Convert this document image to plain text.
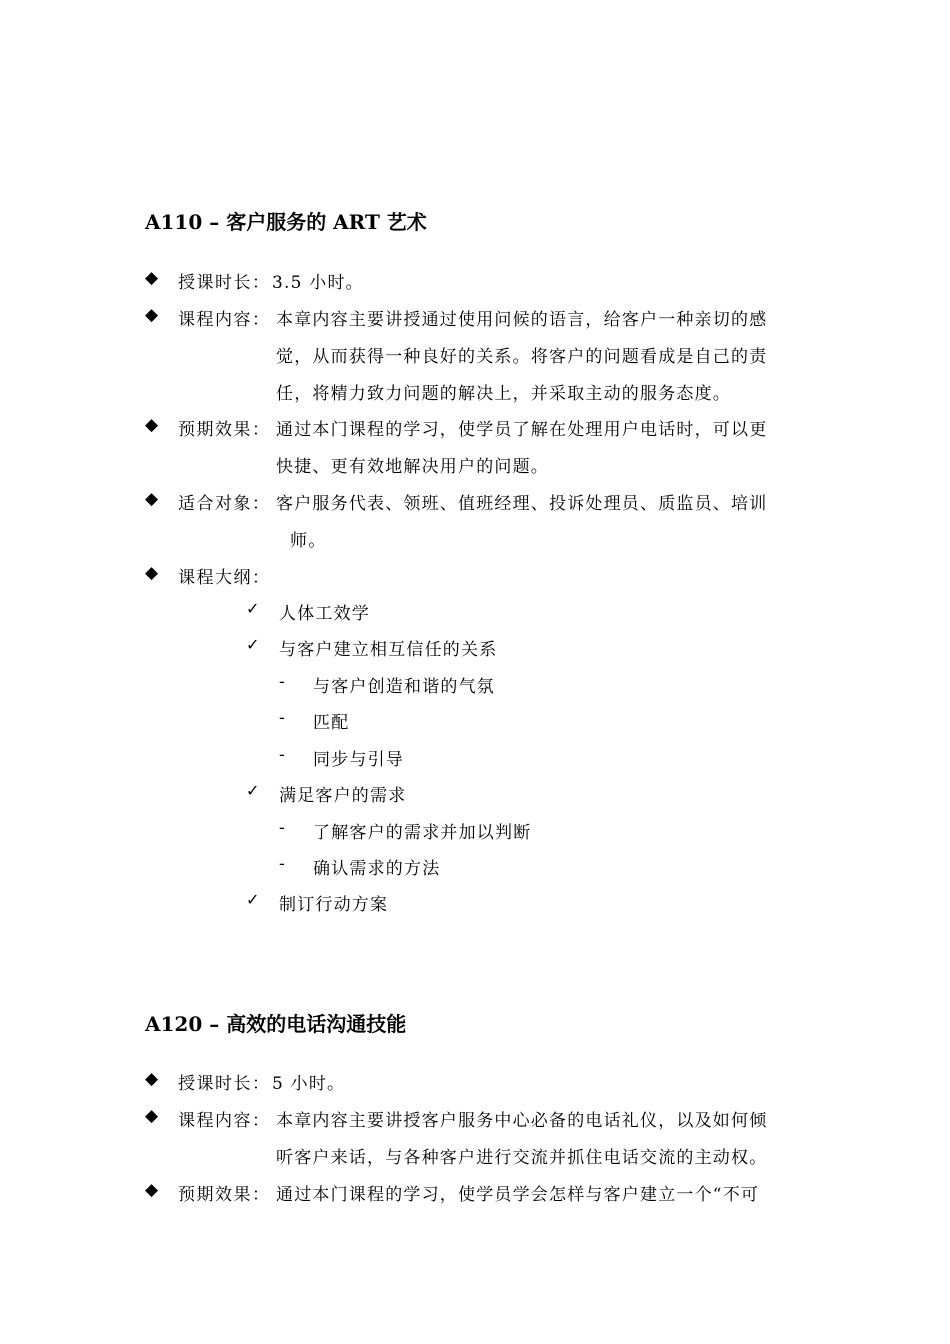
A110 – 客户服务的 ART 艺术
◆ 授课时长： 3.5 小时。
◆ 课程内容： 本章内容主要讲授通过使用问候的语言，给客户一种亲切的感
觉，从而获得一种良好的关系。将客户的问题看成是自己的责
任，将精力致力问题的解决上，并采取主动的服务态度。
◆ 预期效果： 通过本门课程的学习，使学员了解在处理用户电话时，可以更
快捷、更有效地解决用户的问题。
◆ 适合对象： 客户服务代表、领班、值班经理、投诉处理员、质监员、培训
师。
◆ 课程大纲：
✓ 人体工效学
✓ 与客户建立相互信任的关系
- 与客户创造和谐的气氛
- 匹配
- 同步与引导
✓ 满足客户的需求
- 了解客户的需求并加以判断
- 确认需求的方法
✓ 制订行动方案
A120 – 高效的电话沟通技能
◆ 授课时长： 5 小时。
◆ 课程内容： 本章内容主要讲授客户服务中心必备的电话礼仪，以及如何倾
听客户来话，与各种客户进行交流并抓住电话交流的主动权。
◆ 预期效果： 通过本门课程的学习，使学员学会怎样与客户建立一个“不可
